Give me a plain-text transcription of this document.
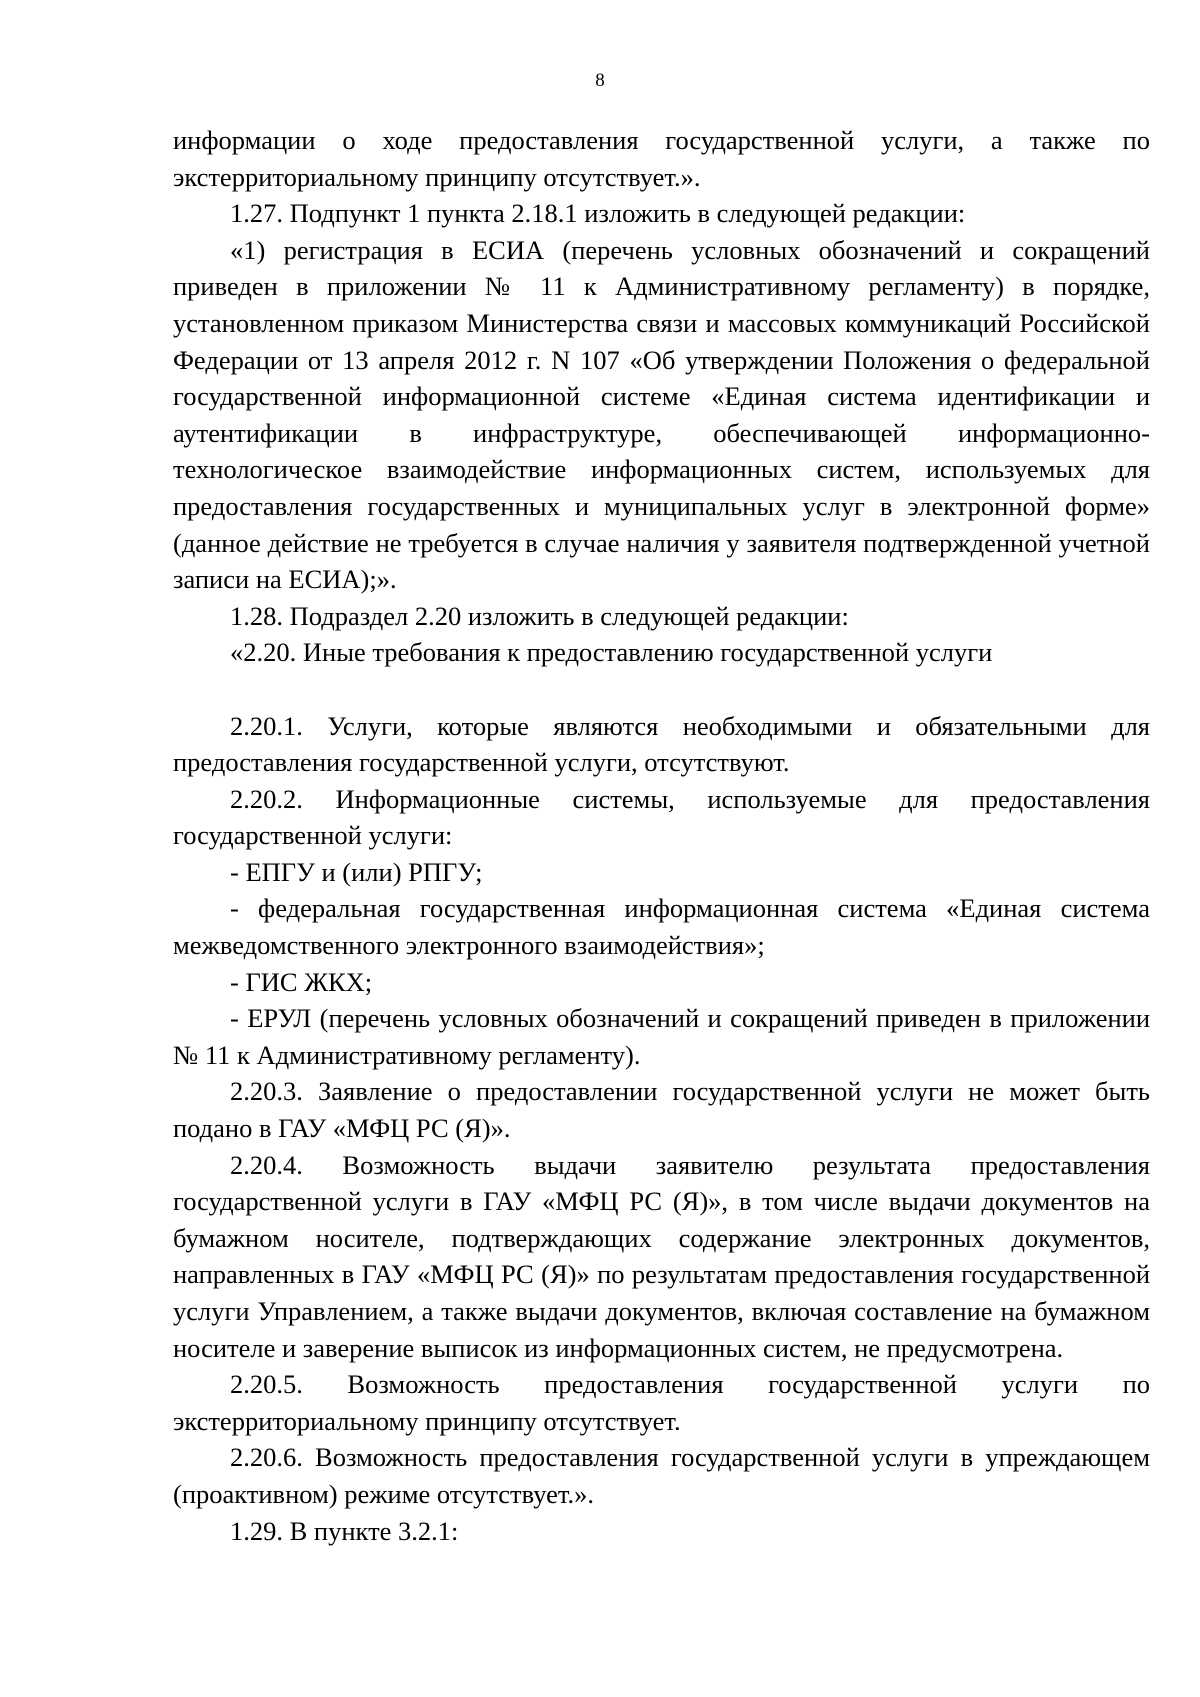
8

информации о ходе предоставления государственной услуги, а также по экстерриториальному принципу отсутствует.».

1.27. Подпункт 1 пункта 2.18.1 изложить в следующей редакции:

«1) регистрация в ЕСИА (перечень условных обозначений и сокращений приведен в приложении № 11 к Административному регламенту) в порядке, установленном приказом Министерства связи и массовых коммуникаций Российской Федерации от 13 апреля 2012 г. N 107 «Об утверждении Положения о федеральной государственной информационной системе «Единая система идентификации и аутентификации в инфраструктуре, обеспечивающей информационно-технологическое взаимодействие информационных систем, используемых для предоставления государственных и муниципальных услуг в электронной форме» (данное действие не требуется в случае наличия у заявителя подтвержденной учетной записи на ЕСИА);».

1.28. Подраздел 2.20 изложить в следующей редакции:

«2.20. Иные требования к предоставлению государственной услуги

2.20.1. Услуги, которые являются необходимыми и обязательными для предоставления государственной услуги, отсутствуют.

2.20.2. Информационные системы, используемые для предоставления государственной услуги:

- ЕПГУ и (или) РПГУ;

- федеральная государственная информационная система «Единая система межведомственного электронного взаимодействия»;

- ГИС ЖКХ;

- ЕРУЛ (перечень условных обозначений и сокращений приведен в приложении № 11 к Административному регламенту).

2.20.3. Заявление о предоставлении государственной услуги не может быть подано в ГАУ «МФЦ РС (Я)».

2.20.4. Возможность выдачи заявителю результата предоставления государственной услуги в ГАУ «МФЦ РС (Я)», в том числе выдачи документов на бумажном носителе, подтверждающих содержание электронных документов, направленных в ГАУ «МФЦ РС (Я)» по результатам предоставления государственной услуги Управлением, а также выдачи документов, включая составление на бумажном носителе и заверение выписок из информационных систем, не предусмотрена.

2.20.5. Возможность предоставления государственной услуги по экстерриториальному принципу отсутствует.

2.20.6. Возможность предоставления государственной услуги в упреждающем (проактивном) режиме отсутствует.».

1.29. В пункте 3.2.1:
